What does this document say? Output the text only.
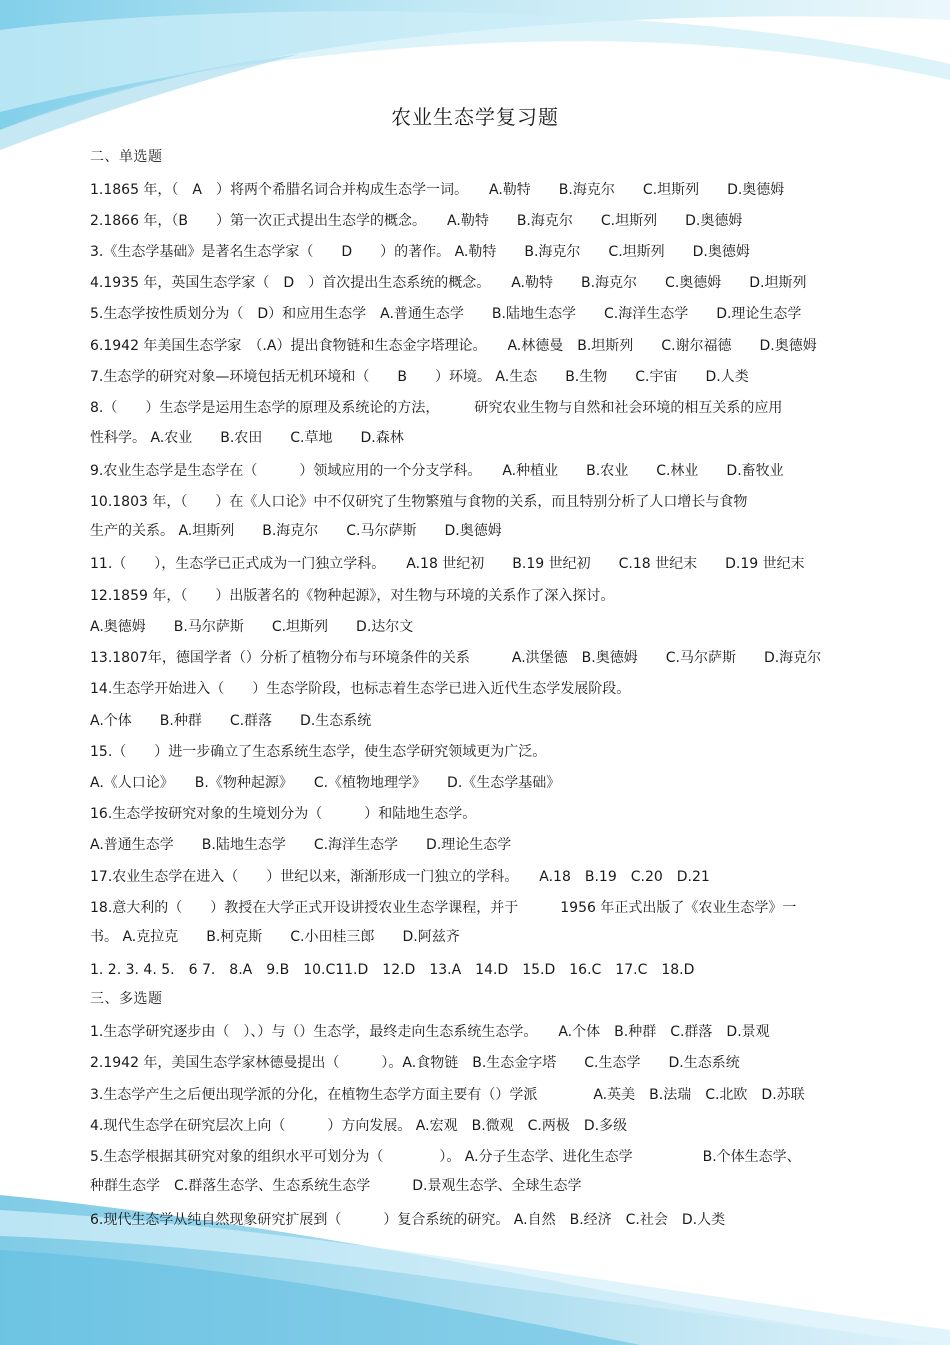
农业生态学复习题
二、单选题
1.1865 年，（　A　）将两个希腊名词合并构成生态学一词。　　A.勒特　　B.海克尔　　C.坦斯列　　D.奥德姆
2.1866 年，（B　　）第一次正式提出生态学的概念。　　A.勒特　　B.海克尔　　C.坦斯列　　D.奥德姆
3.《生态学基础》是著名生态学家（　　D　　）的著作。 A.勒特　　B.海克尔　　C.坦斯列　　D.奥德姆
4.1935 年，英国生态学家（　D　）首次提出生态系统的概念。　　A.勒特　　B.海克尔　　C.奥德姆　　D.坦斯列
5.生态学按性质划分为（　D）和应用生态学　A.普通生态学　　B.陆地生态学　　C.海洋生态学　　D.理论生态学
6.1942 年美国生态学家　（.A）提出食物链和生态金字塔理论。　　A.林德曼　B.坦斯列　　C.谢尔福德　　D.奥德姆
7.生态学的研究对象—环境包括无机环境和（　　B　　）环境。 A.生态　　B.生物　　C.宇宙　　D.人类
8.（　　）生态学是运用生态学的原理及系统论的方法，　　　研究农业生物与自然和社会环境的相互关系的应用
性科学。 A.农业　　B.农田　　C.草地　　D.森林
9.农业生态学是生态学在（　　　）领域应用的一个分支学科。　　A.种植业　　B.农业　　C.林业　　D.畜牧业
10.1803 年，（　　）在《人口论》中不仅研究了生物繁殖与食物的关系，而且特别分析了人口增长与食物
生产的关系。 A.坦斯列　　B.海克尔　　C.马尔萨斯　　D.奥德姆
11.（　　），生态学已正式成为一门独立学科。　　A.18 世纪初　　B.19 世纪初　　C.18 世纪末　　D.19 世纪末
12.1859 年，（　　）出版著名的《物种起源》，对生物与环境的关系作了深入探讨。
A.奥德姆　　B.马尔萨斯　　C.坦斯列　　D.达尔文
13.1807年，德国学者（）分析了植物分布与环境条件的关系　　　A.洪堡德　B.奥德姆　　C.马尔萨斯　　D.海克尔
14.生态学开始进入（　　）生态学阶段，也标志着生态学已进入近代生态学发展阶段。
A.个体　　B.种群　　C.群落　　D.生态系统
15.（　　）进一步确立了生态系统生态学，使生态学研究领域更为广泛。
A.《人口论》　　B.《物种起源》　　C.《植物地理学》　　D.《生态学基础》
16.生态学按研究对象的生境划分为（　　　）和陆地生态学。
A.普通生态学　　B.陆地生态学　　C.海洋生态学　　D.理论生态学
17.农业生态学在进入（　　）世纪以来，渐渐形成一门独立的学科。　　A.18　B.19　C.20　D.21
18.意大利的（　　）教授在大学正式开设讲授农业生态学课程，并于　　　1956 年正式出版了《农业生态学》一
书。 A.克拉克　　B.柯克斯　　C.小田桂三郎　　D.阿兹齐
1. 2. 3. 4. 5.　6 7.　8.A　9.B　10.C11.D　12.D　13.A　14.D　15.D　16.C　17.C　18.D
三、多选题
1.生态学研究逐步由（　）、）与（）生态学，最终走向生态系统生态学。　　A.个体　B.种群　C.群落　D.景观
2.1942 年，美国生态学家林德曼提出（　　　）。A.食物链　B.生态金字塔　　C.生态学　　D.生态系统
3.生态学产生之后便出现学派的分化，在植物生态学方面主要有（）学派　　　　A.英美　B.法瑞　C.北欧　D.苏联
4.现代生态学在研究层次上向（　　　）方向发展。 A.宏观　B.微观　C.两极　D.多级
5.生态学根据其研究对象的组织水平可划分为（　　　　）。 A.分子生态学、进化生态学　　　　　B.个体生态学、
种群生态学　C.群落生态学、生态系统生态学　　　D.景观生态学、全球生态学
6.现代生态学从纯自然现象研究扩展到（　　　）复合系统的研究。 A.自然　B.经济　C.社会　D.人类
